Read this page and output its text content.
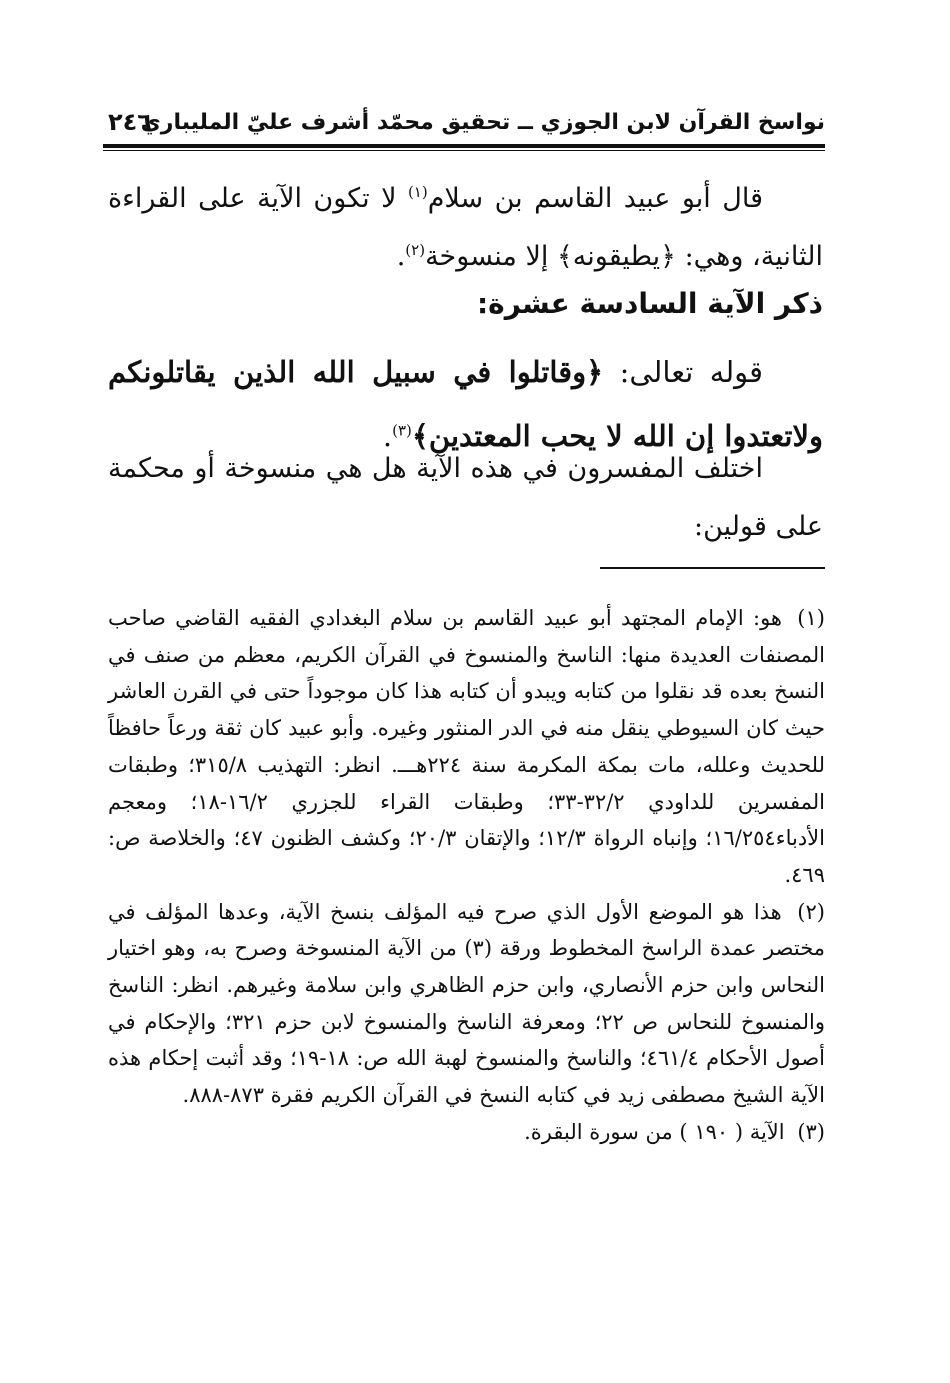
نواسخ القرآن لابن الجوزي ــ تحقيق محمّد أشرف عليّ المليباري
٢٤٦

قال أبو عبيد القاسم بن سلام$^{(١)}$ لا تكون الآية على القراءة الثانية، وهي: ﴿يطيقونه﴾ إلا منسوخة$^{(٢)}$.

ذكر الآية السادسة عشرة:

قوله تعالى: ﴿وقاتلوا في سبيل الله الذين يقاتلونكم ولاتعتدوا إن الله لا يحب المعتدين﴾$^{(٣)}$.

اختلف المفسرون في هذه الآية هل هي منسوخة أو محكمة على قولين:

(١) هو: الإمام المجتهد أبو عبيد القاسم بن سلام البغدادي الفقيه القاضي صاحب المصنفات العديدة منها: الناسخ والمنسوخ في القرآن الكريم، معظم من صنف في النسخ بعده قد نقلوا من كتابه ويبدو أن كتابه هذا كان موجوداً حتى في القرن العاشر حيث كان السيوطي ينقل منه في الدر المنثور وغيره. وأبو عبيد كان ثقة ورعاً حافظاً للحديث وعلله، مات بمكة المكرمة سنة ٢٢٤هـــ. انظر: التهذيب ٣١٥/٨؛ وطبقات المفسرين للداودي ٣٢/٢-٣٣؛ وطبقات القراء للجزري ١٦/٢-١٨؛ ومعجم الأدباء١٦/٢٥٤؛ وإنباه الرواة ١٢/٣؛ والإتقان ٢٠/٣؛ وكشف الظنون ٤٧؛ والخلاصة ص: ٤٦٩.

(٢) هذا هو الموضع الأول الذي صرح فيه المؤلف بنسخ الآية، وعدها المؤلف في مختصر عمدة الراسخ المخطوط ورقة (٣) من الآية المنسوخة وصرح به، وهو اختيار النحاس وابن حزم الأنصاري، وابن حزم الظاهري وابن سلامة وغيرهم. انظر: الناسخ والمنسوخ للنحاس ص ٢٢؛ ومعرفة الناسخ والمنسوخ لابن حزم ٣٢١؛ والإحكام في أصول الأحكام ٤٦١/٤؛ والناسخ والمنسوخ لهبة الله ص: ١٨-١٩؛ وقد أثبت إحكام هذه الآية الشيخ مصطفى زيد في كتابه النسخ في القرآن الكريم فقرة ٨٧٣-٨٨٨.

(٣) الآية ( ١٩٠ ) من سورة البقرة.
